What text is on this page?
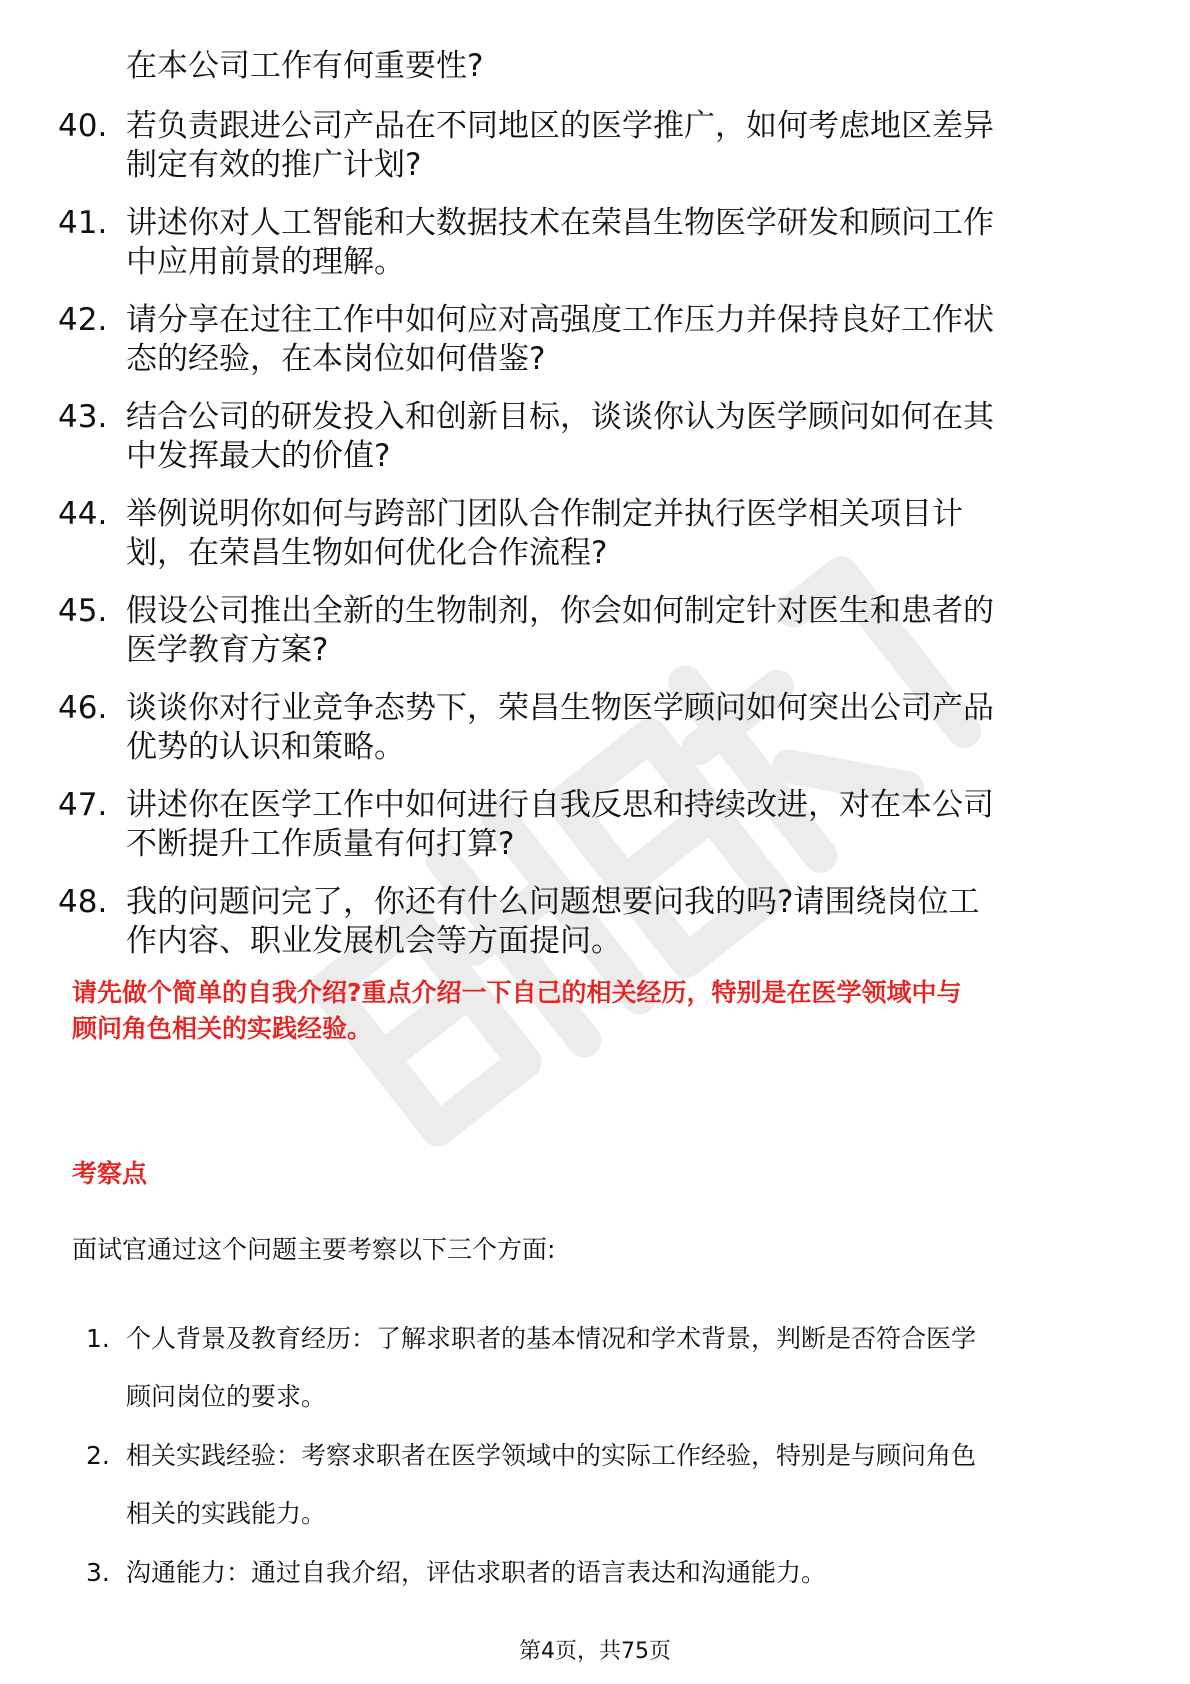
在本公司工作有何重要性?
40. 若负责跟进公司产品在不同地区的医学推广，如何考虑地区差异
制定有效的推广计划?
41. 讲述你对人工智能和大数据技术在荣昌生物医学研发和顾问工作
中应用前景的理解。
42. 请分享在过往工作中如何应对高强度工作压力并保持良好工作状
态的经验，在本岗位如何借鉴?
43. 结合公司的研发投入和创新目标，谈谈你认为医学顾问如何在其
中发挥最大的价值?
44. 举例说明你如何与跨部门团队合作制定并执行医学相关项目计
划，在荣昌生物如何优化合作流程?
45. 假设公司推出全新的生物制剂，你会如何制定针对医生和患者的
医学教育方案?
46. 谈谈你对行业竞争态势下，荣昌生物医学顾问如何突出公司产品
优势的认识和策略。
47. 讲述你在医学工作中如何进行自我反思和持续改进，对在本公司
不断提升工作质量有何打算?
48. 我的问题问完了，你还有什么问题想要问我的吗?请围绕岗位工
作内容、职业发展机会等方面提问。
请先做个简单的自我介绍?重点介绍一下自己的相关经历，特别是在医学领域中与
顾问角色相关的实践经验。
考察点
面试官通过这个问题主要考察以下三个方面:
1. 个人背景及教育经历：了解求职者的基本情况和学术背景，判断是否符合医学
顾问岗位的要求。
2. 相关实践经验：考察求职者在医学领域中的实际工作经验，特别是与顾问角色
相关的实践能力。
3. 沟通能力：通过自我介绍，评估求职者的语言表达和沟通能力。
第4页，共75页
